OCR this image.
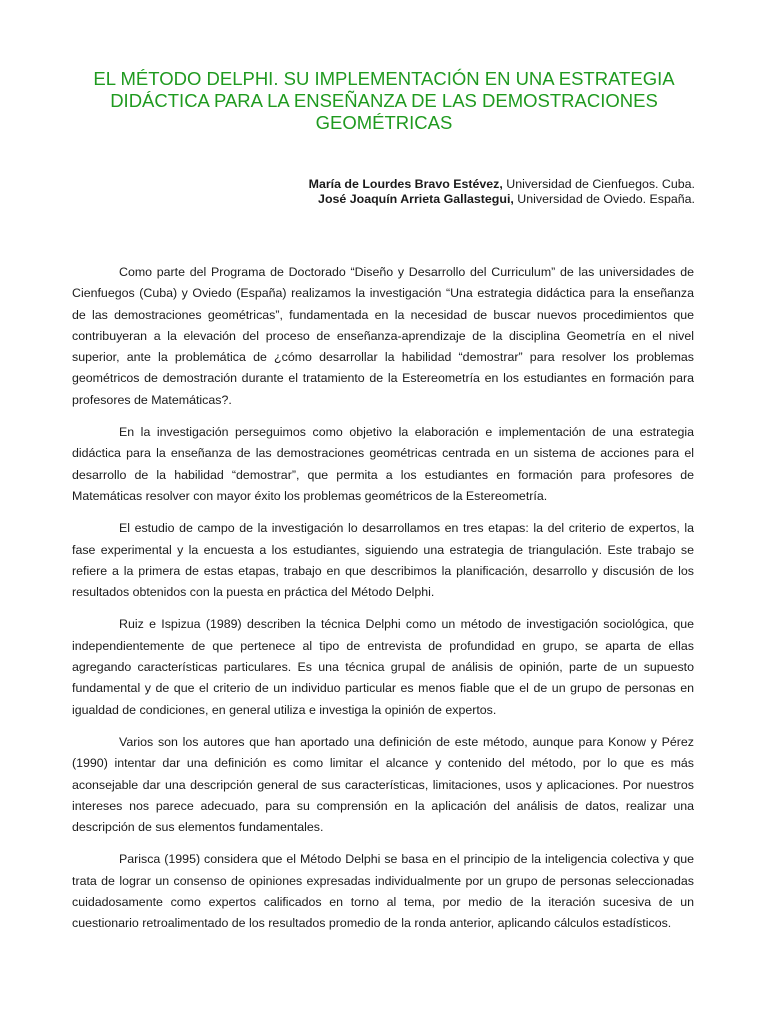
EL MÉTODO DELPHI. SU IMPLEMENTACIÓN EN UNA ESTRATEGIA
DIDÁCTICA PARA LA ENSEÑANZA DE LAS DEMOSTRACIONES
GEOMÉTRICAS
María de Lourdes Bravo Estévez, Universidad de Cienfuegos. Cuba.
José Joaquín Arrieta Gallastegui, Universidad de Oviedo. España.

Como parte del Programa de Doctorado “Diseño y Desarrollo del Curriculum” de las universidades de Cienfuegos (Cuba) y Oviedo (España) realizamos la investigación “Una estrategia didáctica para la enseñanza de las demostraciones geométricas”, fundamentada en la necesidad de buscar nuevos procedimientos que contribuyeran a la elevación del proceso de enseñanza-aprendizaje de la disciplina Geometría en el nivel superior, ante la problemática de ¿cómo desarrollar la habilidad “demostrar” para resolver los problemas geométricos de demostración durante el tratamiento de la Estereometría en los estudiantes en formación para profesores de Matemáticas?.

En la investigación perseguimos como objetivo la elaboración e implementación de una estrategia didáctica para la enseñanza de las demostraciones geométricas centrada en un sistema de acciones para el desarrollo de la habilidad “demostrar”, que permita a los estudiantes en formación para profesores de Matemáticas resolver con mayor éxito los problemas geométricos de la Estereometría.

El estudio de campo de la investigación lo desarrollamos en tres etapas: la del criterio de expertos, la fase experimental y la encuesta a los estudiantes, siguiendo una estrategia de triangulación. Este trabajo se refiere a la primera de estas etapas, trabajo en que describimos la planificación, desarrollo y discusión de los resultados obtenidos con la puesta en práctica del Método Delphi.

Ruiz e Ispizua (1989) describen la técnica Delphi como un método de investigación sociológica, que independientemente de que pertenece al tipo de entrevista de profundidad en grupo, se aparta de ellas agregando características particulares. Es una técnica grupal de análisis de opinión, parte de un supuesto fundamental y de que el criterio de un individuo particular es menos fiable que el de un grupo de personas en igualdad de condiciones, en general utiliza e investiga la opinión de expertos.

Varios son los autores que han aportado una definición de este método, aunque para Konow y Pérez (1990) intentar dar una definición es como limitar el alcance y contenido del método, por lo que es más aconsejable dar una descripción general de sus características, limitaciones, usos y aplicaciones. Por nuestros intereses nos parece adecuado, para su comprensión en la aplicación del análisis de datos, realizar una descripción de sus elementos fundamentales.

Parisca (1995) considera que el Método Delphi se basa en el principio de la inteligencia colectiva y que trata de lograr un consenso de opiniones expresadas individualmente por un grupo de personas seleccionadas cuidadosamente como expertos calificados en torno al tema, por medio de la iteración sucesiva de un cuestionario retroalimentado de los resultados promedio de la ronda anterior, aplicando cálculos estadísticos.
